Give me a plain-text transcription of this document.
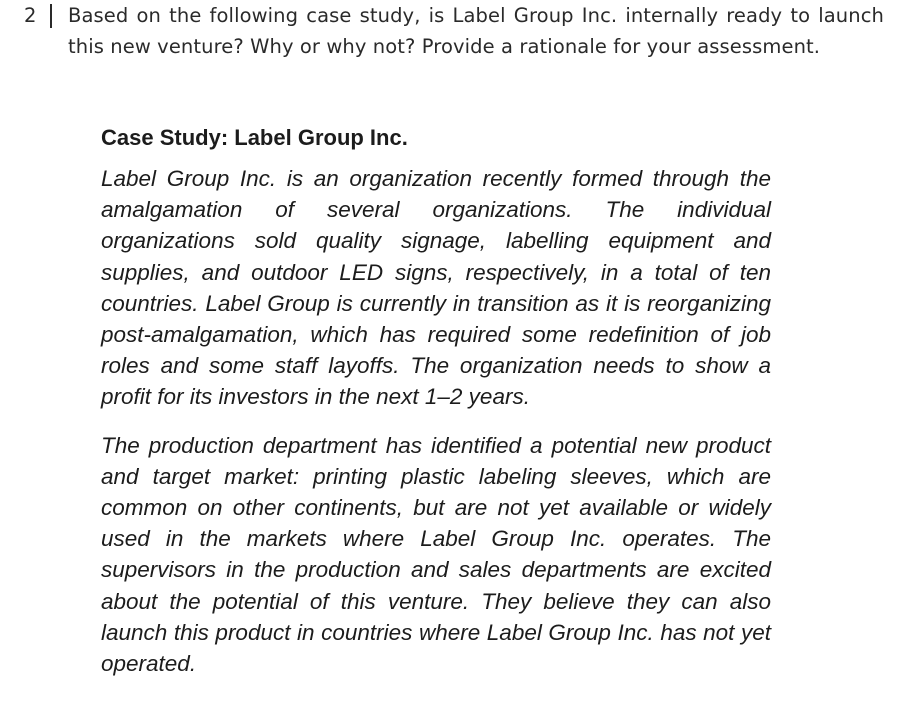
2	Based on the following case study, is Label Group Inc. internally ready to launch this new venture? Why or why not? Provide a rationale for your assessment.
Case Study: Label Group Inc.

Label Group Inc. is an organization recently formed through the amalgamation of several organizations. The individual organizations sold quality signage, labelling equipment and supplies, and outdoor LED signs, respectively, in a total of ten countries. Label Group is currently in transition as it is reorganizing post-amalgamation, which has required some redefinition of job roles and some staff layoffs. The organization needs to show a profit for its investors in the next 1–2 years.

The production department has identified a potential new product and target market: printing plastic labeling sleeves, which are common on other continents, but are not yet available or widely used in the markets where Label Group Inc. operates. The supervisors in the production and sales departments are excited about the potential of this venture. They believe they can also launch this product in countries where Label Group Inc. has not yet operated.
